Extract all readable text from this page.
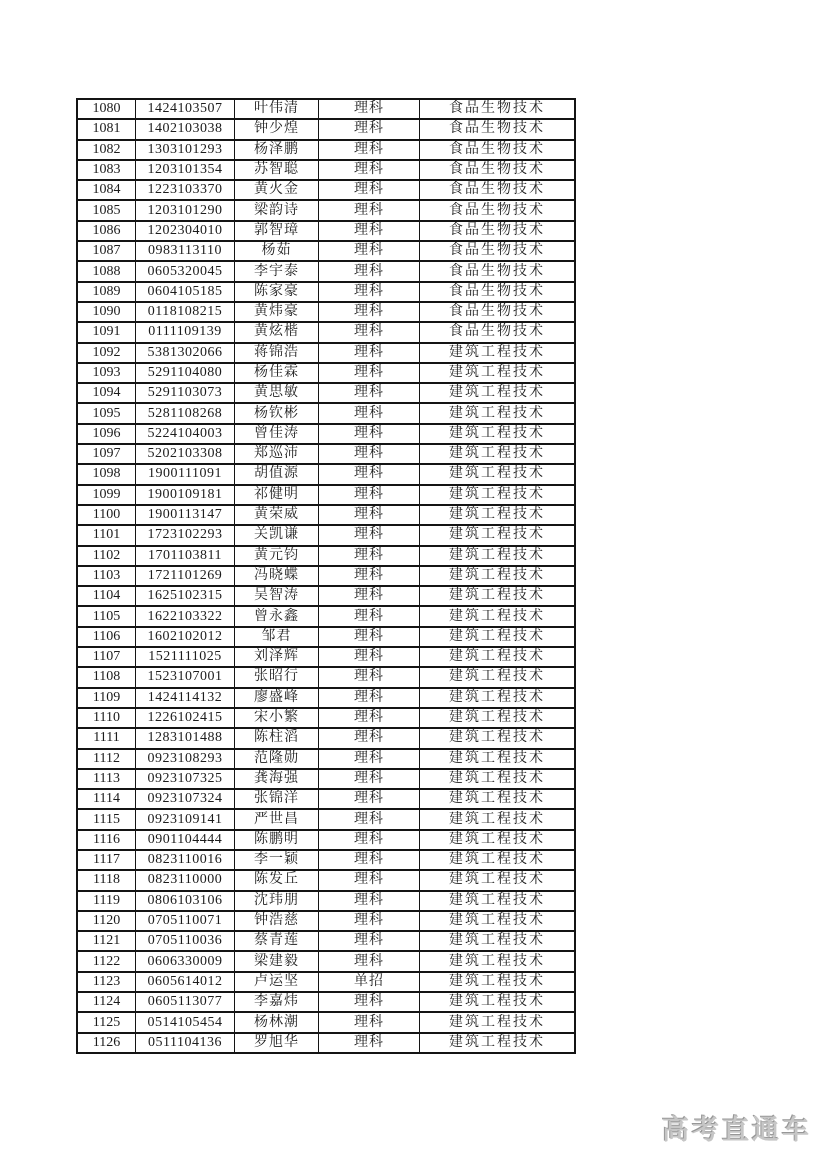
1080	1424103507	叶伟清	理科	食品生物技术
1081	1402103038	钟少煌	理科	食品生物技术
1082	1303101293	杨泽鹏	理科	食品生物技术
1083	1203101354	苏智聪	理科	食品生物技术
1084	1223103370	黄火金	理科	食品生物技术
1085	1203101290	梁韵诗	理科	食品生物技术
1086	1202304010	郭智璋	理科	食品生物技术
1087	0983113110	杨茹	理科	食品生物技术
1088	0605320045	李宇泰	理科	食品生物技术
1089	0604105185	陈家豪	理科	食品生物技术
1090	0118108215	黄炜豪	理科	食品生物技术
1091	0111109139	黄炫楷	理科	食品生物技术
1092	5381302066	蒋锦浩	理科	建筑工程技术
1093	5291104080	杨佳霖	理科	建筑工程技术
1094	5291103073	黄思敏	理科	建筑工程技术
1095	5281108268	杨钦彬	理科	建筑工程技术
1096	5224104003	曾佳涛	理科	建筑工程技术
1097	5202103308	郑巡沛	理科	建筑工程技术
1098	1900111091	胡值源	理科	建筑工程技术
1099	1900109181	祁健明	理科	建筑工程技术
1100	1900113147	黄荣威	理科	建筑工程技术
1101	1723102293	关凯谦	理科	建筑工程技术
1102	1701103811	黄元钧	理科	建筑工程技术
1103	1721101269	冯晓蝶	理科	建筑工程技术
1104	1625102315	吴智涛	理科	建筑工程技术
1105	1622103322	曾永鑫	理科	建筑工程技术
1106	1602102012	邹君	理科	建筑工程技术
1107	1521111025	刘泽辉	理科	建筑工程技术
1108	1523107001	张昭行	理科	建筑工程技术
1109	1424114132	廖盛峰	理科	建筑工程技术
1110	1226102415	宋小繁	理科	建筑工程技术
1111	1283101488	陈柱滔	理科	建筑工程技术
1112	0923108293	范隆勋	理科	建筑工程技术
1113	0923107325	龚海强	理科	建筑工程技术
1114	0923107324	张锦洋	理科	建筑工程技术
1115	0923109141	严世昌	理科	建筑工程技术
1116	0901104444	陈鹏明	理科	建筑工程技术
1117	0823110016	李一颖	理科	建筑工程技术
1118	0823110000	陈发丘	理科	建筑工程技术
1119	0806103106	沈玮朋	理科	建筑工程技术
1120	0705110071	钟浩慈	理科	建筑工程技术
1121	0705110036	蔡青莲	理科	建筑工程技术
1122	0606330009	梁建毅	理科	建筑工程技术
1123	0605614012	卢运坚	单招	建筑工程技术
1124	0605113077	李嘉炜	理科	建筑工程技术
1125	0514105454	杨林潮	理科	建筑工程技术
1126	0511104136	罗旭华	理科	建筑工程技术
高考直通车
